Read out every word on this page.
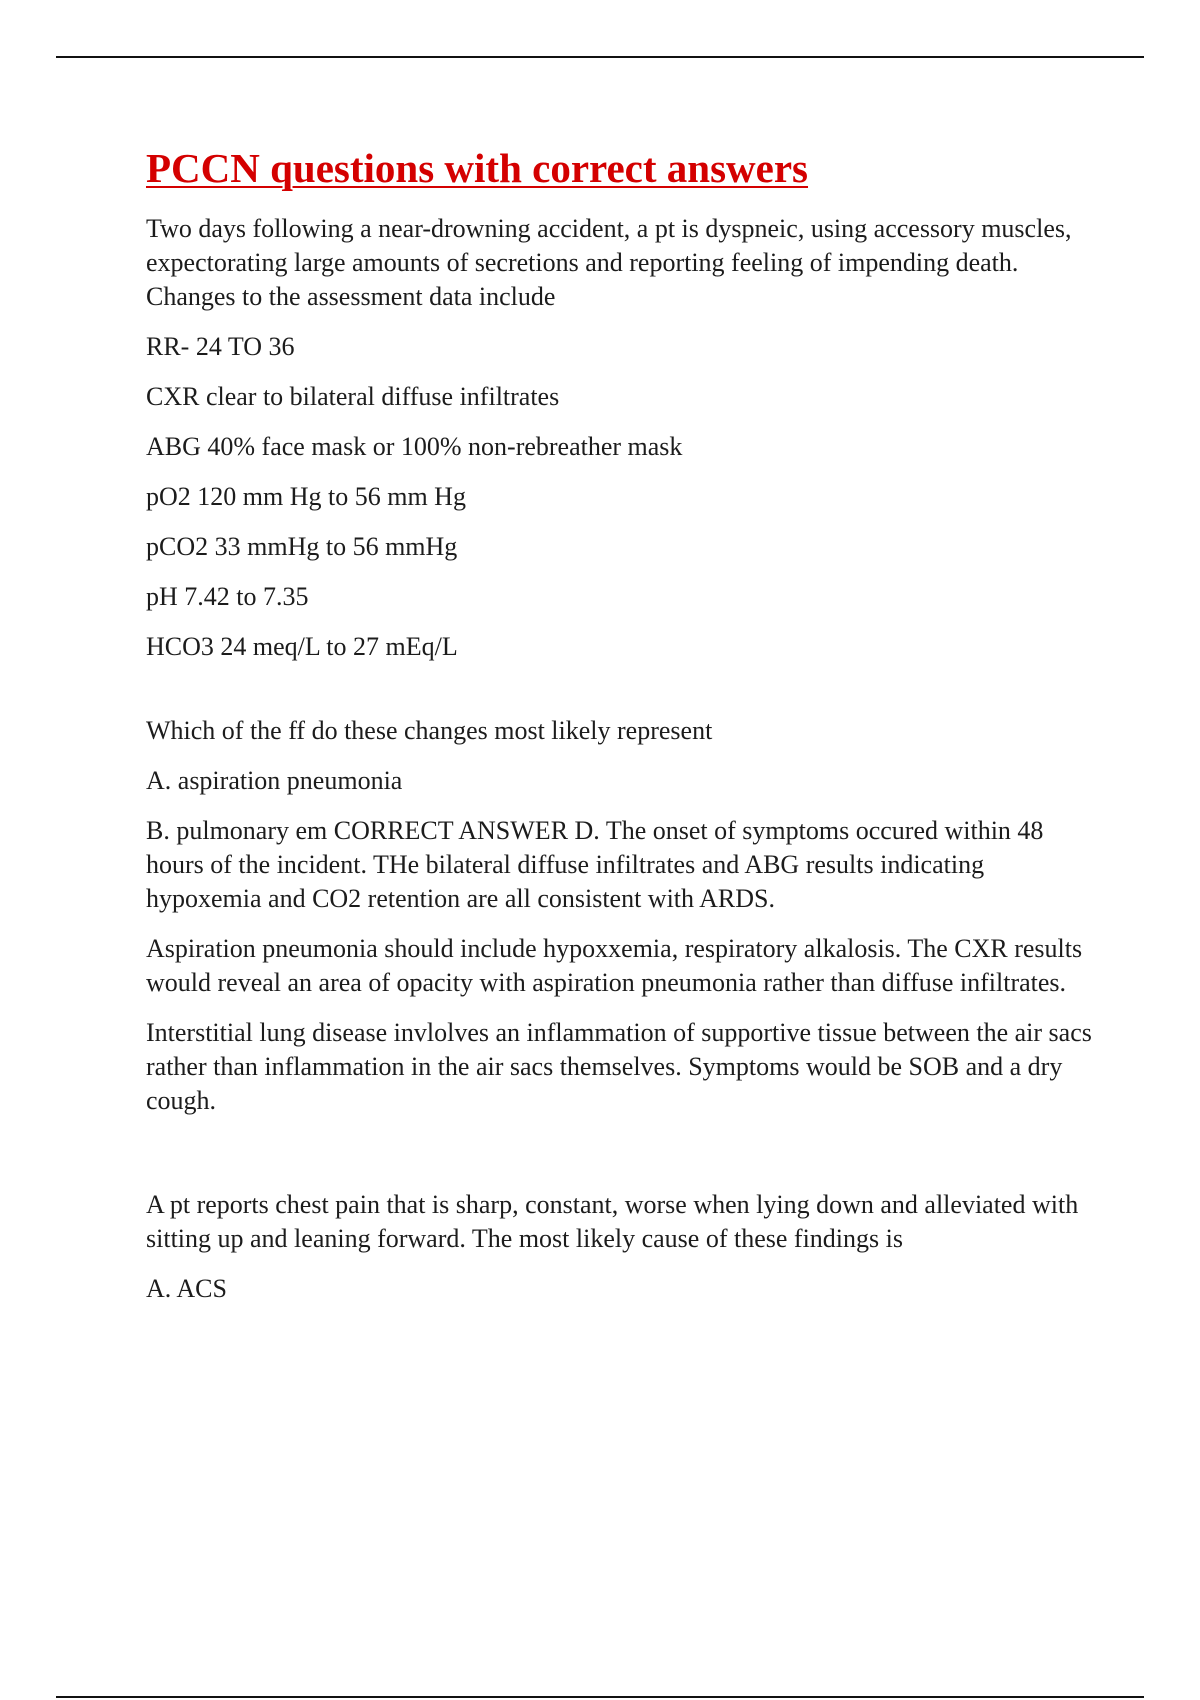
PCCN questions with correct answers

Two days following a near-drowning accident, a pt is dyspneic, using accessory muscles, expectorating large amounts of secretions and reporting feeling of impending death. Changes to the assessment data include

RR- 24 TO 36

CXR clear to bilateral diffuse infiltrates

ABG 40% face mask or 100% non-rebreather mask

pO2 120 mm Hg to 56 mm Hg

pCO2 33 mmHg to 56 mmHg

pH 7.42 to 7.35

HCO3 24 meq/L to 27 mEq/L

Which of the ff do these changes most likely represent

A. aspiration pneumonia

B. pulmonary em CORRECT ANSWER D. The onset of symptoms occured within 48 hours of the incident. THe bilateral diffuse infiltrates and ABG results indicating hypoxemia and CO2 retention are all consistent with ARDS.

Aspiration pneumonia should include hypoxxemia, respiratory alkalosis. The CXR results would reveal an area of opacity with aspiration pneumonia rather than diffuse infiltrates.

Interstitial lung disease invlolves an inflammation of supportive tissue between the air sacs rather than inflammation in the air sacs themselves. Symptoms would be SOB and a dry cough.

A pt reports chest pain that is sharp, constant, worse when lying down and alleviated with sitting up and leaning forward. The most likely cause of these findings is

A. ACS
